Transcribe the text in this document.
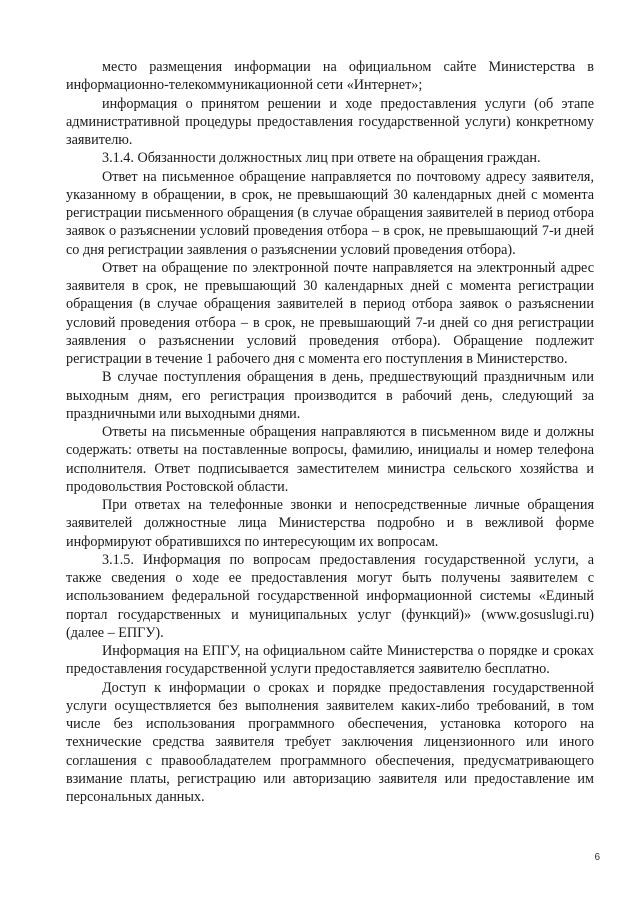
место размещения информации на официальном сайте Министерства в информационно-телекоммуникационной сети «Интернет»;

информация о принятом решении и ходе предоставления услуги (об этапе административной процедуры предоставления государственной услуги) конкретному заявителю.

3.1.4. Обязанности должностных лиц при ответе на обращения граждан.

Ответ на письменное обращение направляется по почтовому адресу заявителя, указанному в обращении, в срок, не превышающий 30 календарных дней с момента регистрации письменного обращения (в случае обращения заявителей в период отбора заявок о разъяснении условий проведения отбора – в срок, не превышающий 7-и дней со дня регистрации заявления о разъяснении условий проведения отбора).

Ответ на обращение по электронной почте направляется на электронный адрес заявителя в срок, не превышающий 30 календарных дней с момента регистрации обращения (в случае обращения заявителей в период отбора заявок о разъяснении условий проведения отбора – в срок, не превышающий 7-и дней со дня регистрации заявления о разъяснении условий проведения отбора). Обращение подлежит регистрации в течение 1 рабочего дня с момента его поступления в Министерство.

В случае поступления обращения в день, предшествующий праздничным или выходным дням, его регистрация производится в рабочий день, следующий за праздничными или выходными днями.

Ответы на письменные обращения направляются в письменном виде и должны содержать: ответы на поставленные вопросы, фамилию, инициалы и номер телефона исполнителя. Ответ подписывается заместителем министра сельского хозяйства и продовольствия Ростовской области.

При ответах на телефонные звонки и непосредственные личные обращения заявителей должностные лица Министерства подробно и в вежливой форме информируют обратившихся по интересующим их вопросам.

3.1.5. Информация по вопросам предоставления государственной услуги, а также сведения о ходе ее предоставления могут быть получены заявителем с использованием федеральной государственной информационной системы «Единый портал государственных и муниципальных услуг (функций)» (www.gosuslugi.ru) (далее – ЕПГУ).

Информация на ЕПГУ, на официальном сайте Министерства о порядке и сроках предоставления государственной услуги предоставляется заявителю бесплатно.

Доступ к информации о сроках и порядке предоставления государственной услуги осуществляется без выполнения заявителем каких-либо требований, в том числе без использования программного обеспечения, установка которого на технические средства заявителя требует заключения лицензионного или иного соглашения с правообладателем программного обеспечения, предусматривающего взимание платы, регистрацию или авторизацию заявителя или предоставление им персональных данных.

6
